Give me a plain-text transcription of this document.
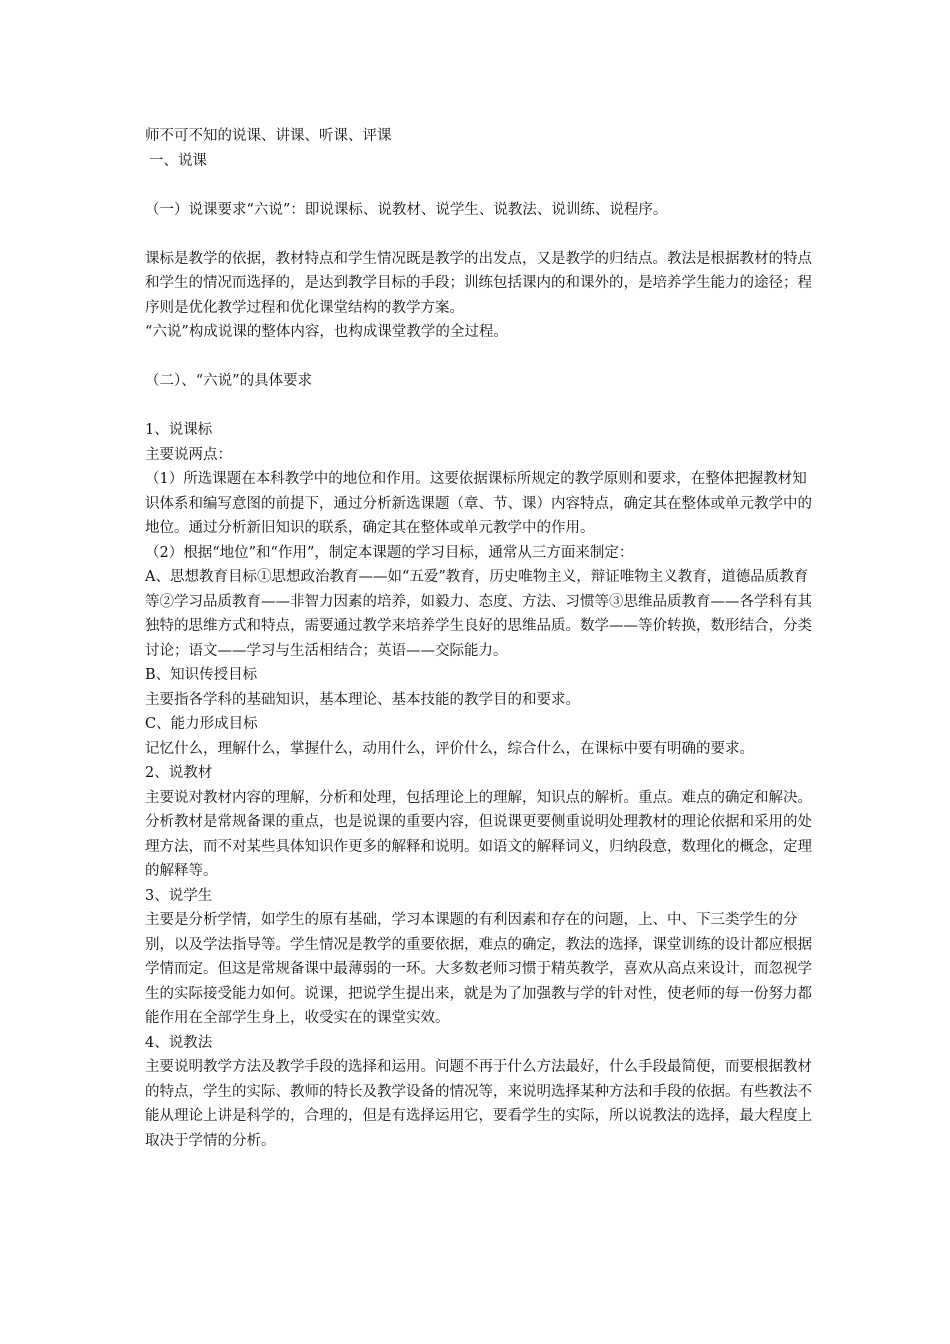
师不可不知的说课、讲课、听课、评课

一、说课

（一）说课要求“六说”：即说课标、说教材、说学生、说教法、说训练、说程序。

课标是教学的依据，教材特点和学生情况既是教学的出发点，又是教学的归结点。教法是根据教材的特点和学生的情况而选择的，是达到教学目标的手段；训练包括课内的和课外的，是培养学生能力的途径；程序则是优化教学过程和优化课堂结构的教学方案。

“六说”构成说课的整体内容，也构成课堂教学的全过程。

（二）、“六说”的具体要求

1、说课标

主要说两点：

（1）所选课题在本科教学中的地位和作用。这要依据课标所规定的教学原则和要求，在整体把握教材知识体系和编写意图的前提下，通过分析新选课题（章、节、课）内容特点，确定其在整体或单元教学中的地位。通过分析新旧知识的联系，确定其在整体或单元教学中的作用。

（2）根据“地位”和“作用”，制定本课题的学习目标，通常从三方面来制定：

A、思想教育目标①思想政治教育——如“五爱”教育，历史唯物主义，辩证唯物主义教育，道德品质教育等②学习品质教育——非智力因素的培养，如毅力、态度、方法、习惯等③思维品质教育——各学科有其独特的思维方式和特点，需要通过教学来培养学生良好的思维品质。数学——等价转换，数形结合，分类讨论；语文——学习与生活相结合；英语——交际能力。

B、知识传授目标

主要指各学科的基础知识，基本理论、基本技能的教学目的和要求。

C、能力形成目标

记忆什么，理解什么，掌握什么，动用什么，评价什么，综合什么，在课标中要有明确的要求。

2、说教材

主要说对教材内容的理解，分析和处理，包括理论上的理解，知识点的解析。重点。难点的确定和解决。

分析教材是常规备课的重点，也是说课的重要内容，但说课更要侧重说明处理教材的理论依据和采用的处理方法，而不对某些具体知识作更多的解释和说明。如语文的解释词义，归纳段意，数理化的概念，定理的解释等。

3、说学生

主要是分析学情，如学生的原有基础，学习本课题的有利因素和存在的问题，上、中、下三类学生的分别，以及学法指导等。学生情况是教学的重要依据，难点的确定，教法的选择，课堂训练的设计都应根据学情而定。但这是常规备课中最薄弱的一环。大多数老师习惯于精英教学，喜欢从高点来设计，而忽视学生的实际接受能力如何。说课，把说学生提出来，就是为了加强教与学的针对性，使老师的每一份努力都能作用在全部学生身上，收受实在的课堂实效。

4、说教法

主要说明教学方法及教学手段的选择和运用。问题不再于什么方法最好，什么手段最简便，而要根据教材的特点，学生的实际、教师的特长及教学设备的情况等，来说明选择某种方法和手段的依据。有些教法不能从理论上讲是科学的，合理的，但是有选择运用它，要看学生的实际，所以说教法的选择，最大程度上取决于学情的分析。
